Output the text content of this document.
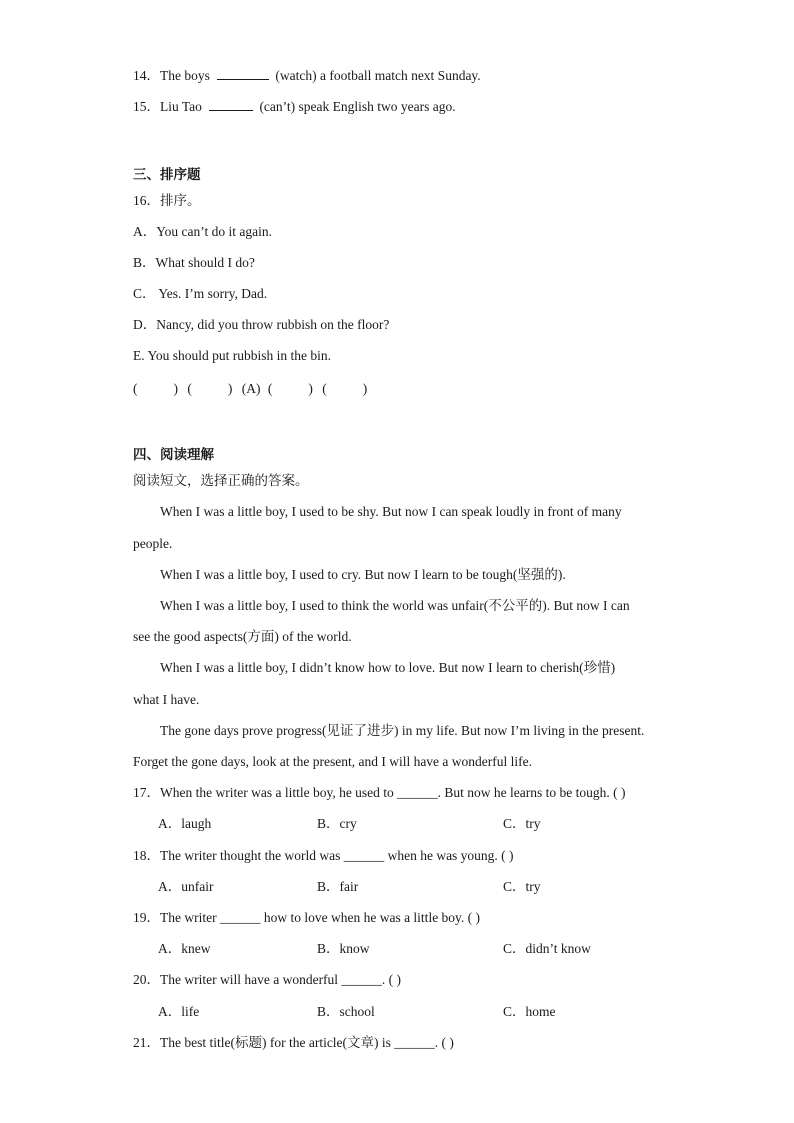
14．The boys	(watch) a football match next Sunday.
15．Liu Tao	(can’t) speak English two years ago.
三、排序题
16．排序。
A．You can’t do it again.
B．What should I do?
C． Yes. I’m sorry, Dad.
D．Nancy, did you throw rubbish on the floor?
E. You should put rubbish in the bin.
(	) (	) (A) (	) (	)
四、阅读理解
阅读短文，选择正确的答案。
When I was a little boy, I used to be shy. But now I can speak loudly in front of many
people.
When I was a little boy, I used to cry. But now I learn to be tough(坚强的).
When I was a little boy, I used to think the world was unfair(不公平的). But now I can
see the good aspects(方面) of the world.
When I was a little boy, I didn’t know how to love. But now I learn to cherish(珍惜)
what I have.
The gone days prove progress(见证了进步) in my life. But now I’m living in the present.
Forget the gone days, look at the present, and I will have a wonderful life.
17．When the writer was a little boy, he used to ______. But now he learns to be tough. ( )
A．laugh	B．cry	C．try
18．The writer thought the world was ______ when he was young. ( )
A．unfair	B．fair	C．try
19．The writer ______ how to love when he was a little boy. ( )
A．knew	B．know	C．didn’t know
20．The writer will have a wonderful ______. ( )
A．life	B．school	C．home
21．The best title(标题) for the article(文章) is ______. ( )
